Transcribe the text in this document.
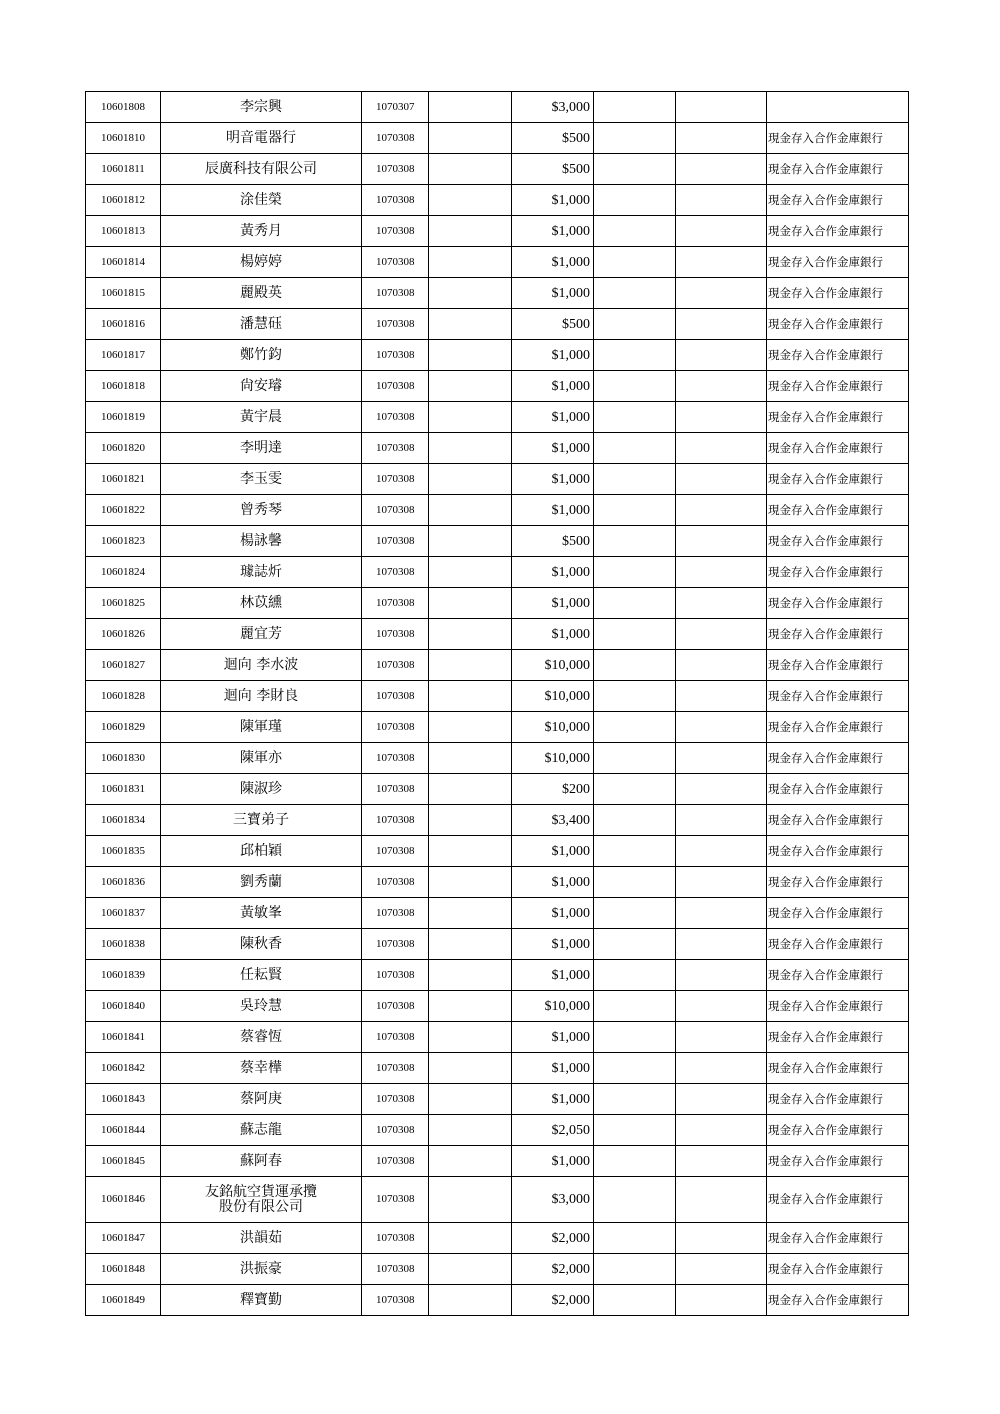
10601808	李宗興	1070307		$3,000			
10601810	明音電器行	1070308		$500			現金存入合作金庫銀行
10601811	辰廣科技有限公司	1070308		$500			現金存入合作金庫銀行
10601812	涂佳榮	1070308		$1,000			現金存入合作金庫銀行
10601813	黃秀月	1070308		$1,000			現金存入合作金庫銀行
10601814	楊婷婷	1070308		$1,000			現金存入合作金庫銀行
10601815	麗殿英	1070308		$1,000			現金存入合作金庫銀行
10601816	潘慧砡	1070308		$500			現金存入合作金庫銀行
10601817	鄭竹鈞	1070308		$1,000			現金存入合作金庫銀行
10601818	尙安璿	1070308		$1,000			現金存入合作金庫銀行
10601819	黃宇晨	1070308		$1,000			現金存入合作金庫銀行
10601820	李明達	1070308		$1,000			現金存入合作金庫銀行
10601821	李玉雯	1070308		$1,000			現金存入合作金庫銀行
10601822	曾秀琴	1070308		$1,000			現金存入合作金庫銀行
10601823	楊詠馨	1070308		$500			現金存入合作金庫銀行
10601824	璩誌炘	1070308		$1,000			現金存入合作金庫銀行
10601825	林苡纁	1070308		$1,000			現金存入合作金庫銀行
10601826	麗宜芳	1070308		$1,000			現金存入合作金庫銀行
10601827	迴向 李水波	1070308		$10,000			現金存入合作金庫銀行
10601828	迴向 李財良	1070308		$10,000			現金存入合作金庫銀行
10601829	陳軍瑾	1070308		$10,000			現金存入合作金庫銀行
10601830	陳軍亦	1070308		$10,000			現金存入合作金庫銀行
10601831	陳淑珍	1070308		$200			現金存入合作金庫銀行
10601834	三寶弟子	1070308		$3,400			現金存入合作金庫銀行
10601835	邱柏穎	1070308		$1,000			現金存入合作金庫銀行
10601836	劉秀蘭	1070308		$1,000			現金存入合作金庫銀行
10601837	黃敏峯	1070308		$1,000			現金存入合作金庫銀行
10601838	陳秋香	1070308		$1,000			現金存入合作金庫銀行
10601839	任耘賢	1070308		$1,000			現金存入合作金庫銀行
10601840	吳玲慧	1070308		$10,000			現金存入合作金庫銀行
10601841	蔡睿恆	1070308		$1,000			現金存入合作金庫銀行
10601842	蔡幸樺	1070308		$1,000			現金存入合作金庫銀行
10601843	蔡阿庚	1070308		$1,000			現金存入合作金庫銀行
10601844	蘇志龍	1070308		$2,050			現金存入合作金庫銀行
10601845	蘇阿春	1070308		$1,000			現金存入合作金庫銀行
10601846	友銘航空貨運承攬
股份有限公司	1070308		$3,000			現金存入合作金庫銀行
10601847	洪韻茹	1070308		$2,000			現金存入合作金庫銀行
10601848	洪振豪	1070308		$2,000			現金存入合作金庫銀行
10601849	釋寶勤	1070308		$2,000			現金存入合作金庫銀行
